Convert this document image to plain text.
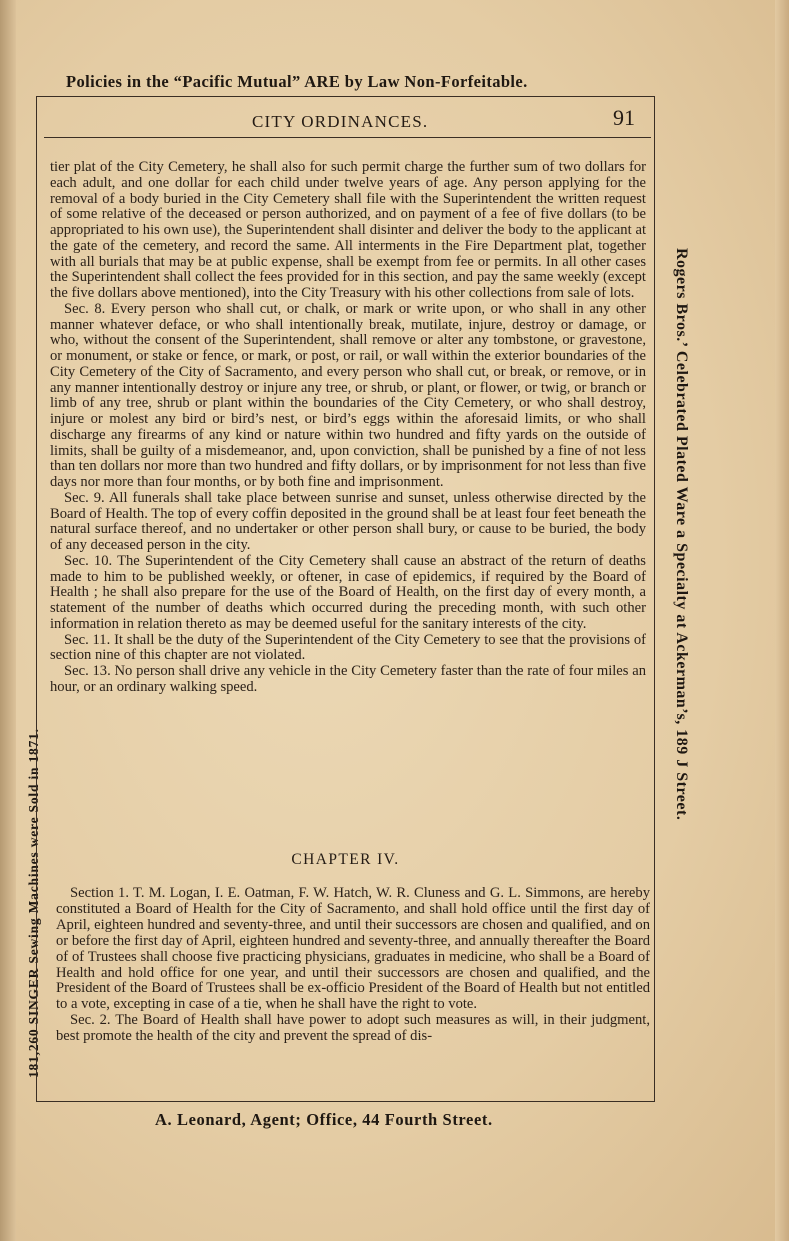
Policies in the “Pacific Mutual” ARE by Law Non-Forfeitable.
181,260 SINGER Sewing Machines were Sold in 1871.
Rogers Bros.’ Celebrated Plated Ware a Specialty at Ackerman’s, 189 J Street.
CITY ORDINANCES.	91

tier plat of the City Cemetery, he shall also for such permit charge the further sum of two dollars for each adult, and one dollar for each child under twelve years of age. Any person applying for the removal of a body buried in the City Cemetery shall file with the Superintendent the written request of some relative of the deceased or person authorized, and on payment of a fee of five dollars (to be appropriated to his own use), the Superintendent shall disinter and deliver the body to the applicant at the gate of the cemetery, and record the same. All interments in the Fire Department plat, together with all burials that may be at public expense, shall be exempt from fee or permits. In all other cases the Superintendent shall collect the fees provided for in this section, and pay the same weekly (except the five dollars above mentioned), into the City Treasury with his other collections from sale of lots.

Sec. 8. Every person who shall cut, or chalk, or mark or write upon, or who shall in any other manner whatever deface, or who shall intentionally break, mutilate, injure, destroy or damage, or who, without the consent of the Superintendent, shall remove or alter any tombstone, or gravestone, or monument, or stake or fence, or mark, or post, or rail, or wall within the exterior boundaries of the City Cemetery of the City of Sacramento, and every person who shall cut, or break, or remove, or in any manner intentionally destroy or injure any tree, or shrub, or plant, or flower, or twig, or branch or limb of any tree, shrub or plant within the boundaries of the City Cemetery, or who shall destroy, injure or molest any bird or bird’s nest, or bird’s eggs within the aforesaid limits, or who shall discharge any firearms of any kind or nature within two hundred and fifty yards on the outside of limits, shall be guilty of a misdemeanor, and, upon conviction, shall be punished by a fine of not less than ten dollars nor more than two hundred and fifty dollars, or by imprisonment for not less than five days nor more than four months, or by both fine and imprisonment.

Sec. 9. All funerals shall take place between sunrise and sunset, unless otherwise directed by the Board of Health. The top of every coffin deposited in the ground shall be at least four feet beneath the natural surface thereof, and no undertaker or other person shall bury, or cause to be buried, the body of any deceased person in the city.

Sec. 10. The Superintendent of the City Cemetery shall cause an abstract of the return of deaths made to him to be published weekly, or oftener, in case of epidemics, if required by the Board of Health ; he shall also prepare for the use of the Board of Health, on the first day of every month, a statement of the number of deaths which occurred during the preceding month, with such other information in relation thereto as may be deemed useful for the sanitary interests of the city.

Sec. 11. It shall be the duty of the Superintendent of the City Cemetery to see that the provisions of section nine of this chapter are not violated.

Sec. 13. No person shall drive any vehicle in the City Cemetery faster than the rate of four miles an hour, or an ordinary walking speed.

CHAPTER IV.

Section 1. T. M. Logan, I. E. Oatman, F. W. Hatch, W. R. Cluness and G. L. Simmons, are hereby constituted a Board of Health for the City of Sacramento, and shall hold office until the first day of April, eighteen hundred and seventy-three, and until their successors are chosen and qualified, and on or before the first day of April, eighteen hundred and seventy-three, and annually thereafter the Board of of Trustees shall choose five practicing physicians, graduates in medicine, who shall be a Board of Health and hold office for one year, and until their successors are chosen and qualified, and the President of the Board of Trustees shall be ex-officio President of the Board of Health but not entitled to a vote, excepting in case of a tie, when he shall have the right to vote.

Sec. 2. The Board of Health shall have power to adopt such measures as will, in their judgment, best promote the health of the city and prevent the spread of dis-

A. Leonard, Agent; Office, 44 Fourth Street.
